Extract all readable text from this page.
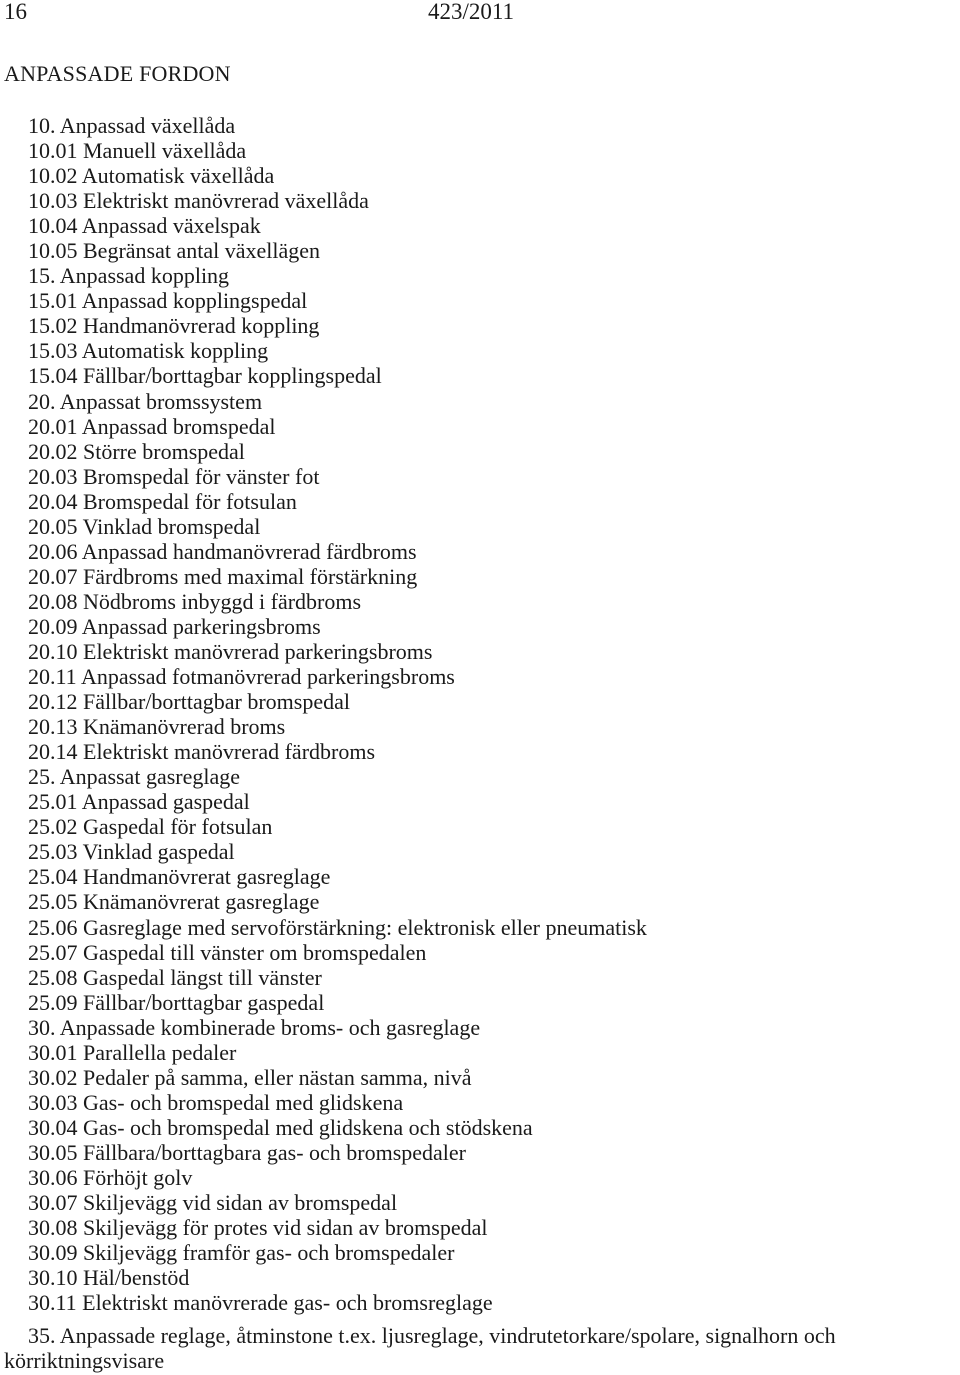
16	423/2011
ANPASSADE FORDON
10. Anpassad växellåda
10.01 Manuell växellåda
10.02 Automatisk växellåda
10.03 Elektriskt manövrerad växellåda
10.04 Anpassad växelspak
10.05 Begränsat antal växellägen
15. Anpassad koppling
15.01 Anpassad kopplingspedal
15.02 Handmanövrerad koppling
15.03 Automatisk koppling
15.04 Fällbar/borttagbar kopplingspedal
20. Anpassat bromssystem
20.01 Anpassad bromspedal
20.02 Större bromspedal
20.03 Bromspedal för vänster fot
20.04 Bromspedal för fotsulan
20.05 Vinklad bromspedal
20.06 Anpassad handmanövrerad färdbroms
20.07 Färdbroms med maximal förstärkning
20.08 Nödbroms inbyggd i färdbroms
20.09 Anpassad parkeringsbroms
20.10 Elektriskt manövrerad parkeringsbroms
20.11 Anpassad fotmanövrerad parkeringsbroms
20.12 Fällbar/borttagbar bromspedal
20.13 Knämanövrerad broms
20.14 Elektriskt manövrerad färdbroms
25. Anpassat gasreglage
25.01 Anpassad gaspedal
25.02 Gaspedal för fotsulan
25.03 Vinklad gaspedal
25.04 Handmanövrerat gasreglage
25.05 Knämanövrerat gasreglage
25.06 Gasreglage med servoförstärkning: elektronisk eller pneumatisk
25.07 Gaspedal till vänster om bromspedalen
25.08 Gaspedal längst till vänster
25.09 Fällbar/borttagbar gaspedal
30. Anpassade kombinerade broms- och gasreglage
30.01 Parallella pedaler
30.02 Pedaler på samma, eller nästan samma, nivå
30.03 Gas- och bromspedal med glidskena
30.04 Gas- och bromspedal med glidskena och stödskena
30.05 Fällbara/borttagbara gas- och bromspedaler
30.06 Förhöjt golv
30.07 Skiljevägg vid sidan av bromspedal
30.08 Skiljevägg för protes vid sidan av bromspedal
30.09 Skiljevägg framför gas- och bromspedaler
30.10 Häl/benstöd
30.11 Elektriskt manövrerade gas- och bromsreglage
35. Anpassade reglage, åtminstone t.ex. ljusreglage, vindrutetorkare/spolare, signalhorn och
körriktningsvisare
